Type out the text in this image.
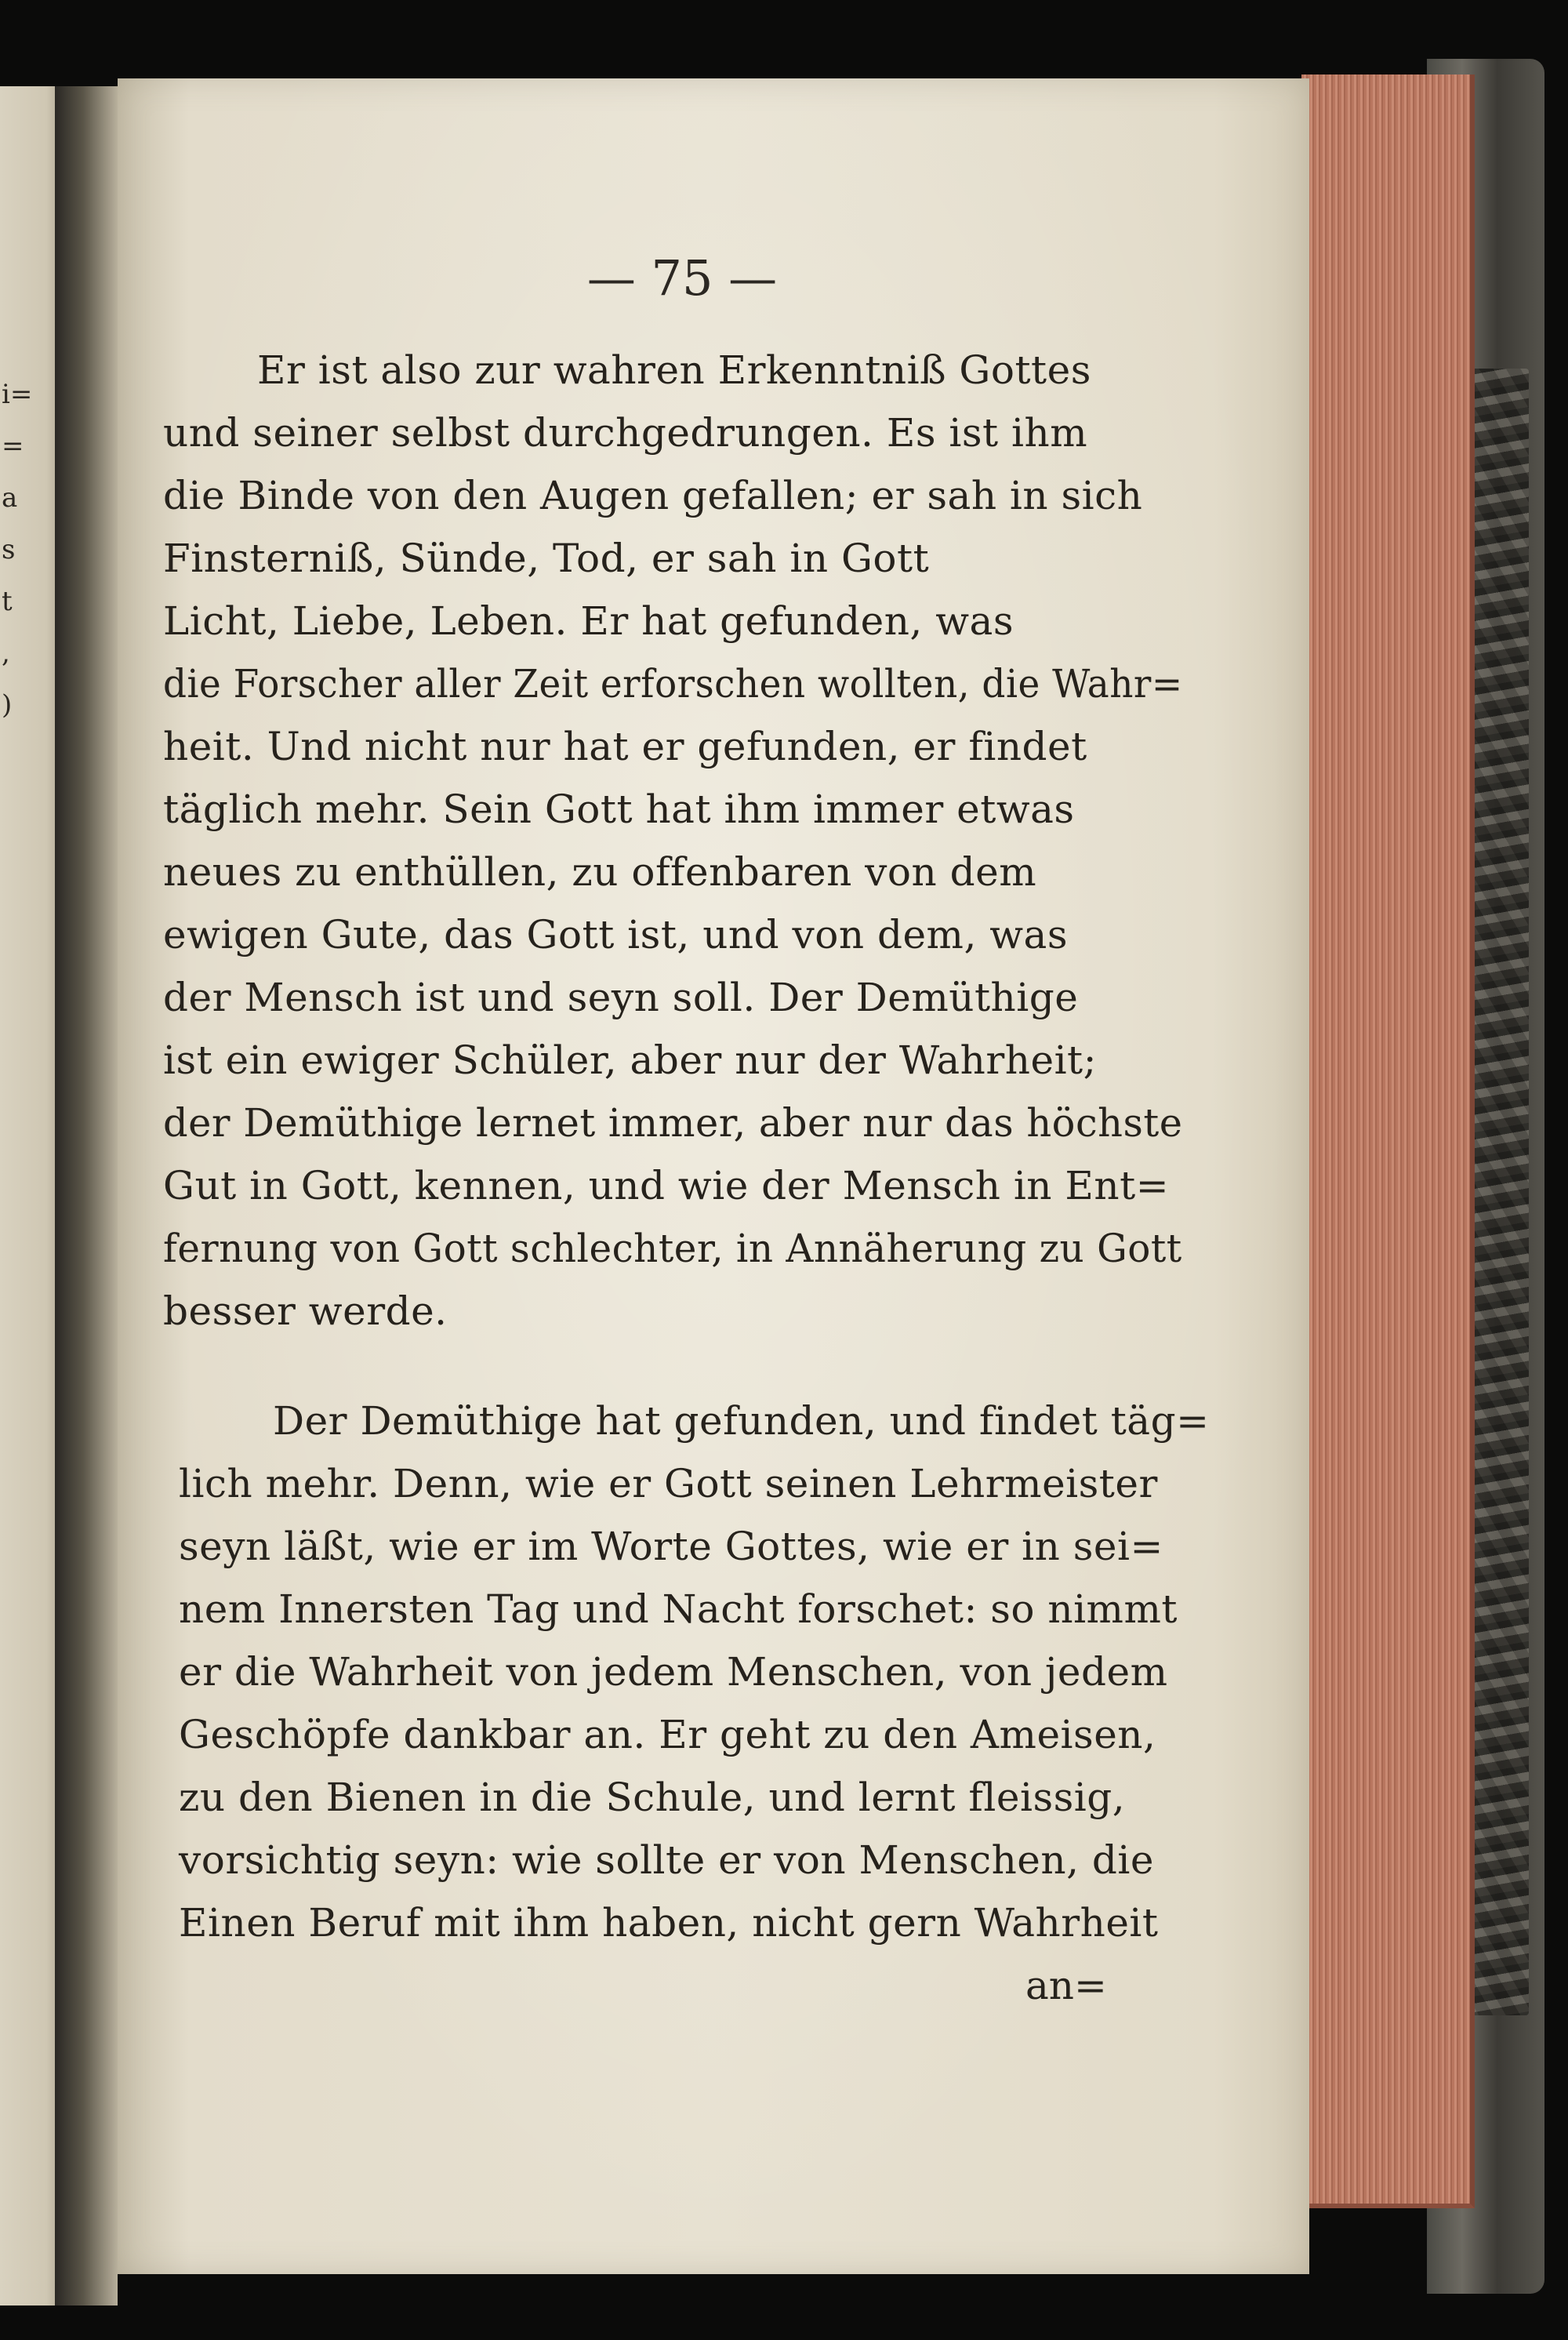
i=
=
a
s
t
,
)
— 75 —
Er ist also zur wahren Erkenntniß Gottes
und seiner selbst durchgedrungen. Es ist ihm
die Binde von den Augen gefallen; er sah in sich
Finsterniß, Sünde, Tod, er sah in Gott
Licht, Liebe, Leben. Er hat gefunden, was
die Forscher aller Zeit erforschen wollten, die Wahr=
heit. Und nicht nur hat er gefunden, er findet
täglich mehr. Sein Gott hat ihm immer etwas
neues zu enthüllen, zu offenbaren von dem
ewigen Gute, das Gott ist, und von dem, was
der Mensch ist und seyn soll. Der Demüthige
ist ein ewiger Schüler, aber nur der Wahrheit;
der Demüthige lernet immer, aber nur das höchste
Gut in Gott, kennen, und wie der Mensch in Ent=
fernung von Gott schlechter, in Annäherung zu Gott
besser werde.
Der Demüthige hat gefunden, und findet täg=
lich mehr. Denn, wie er Gott seinen Lehrmeister
seyn läßt, wie er im Worte Gottes, wie er in sei=
nem Innersten Tag und Nacht forschet: so nimmt
er die Wahrheit von jedem Menschen, von jedem
Geschöpfe dankbar an. Er geht zu den Ameisen,
zu den Bienen in die Schule, und lernt fleissig,
vorsichtig seyn: wie sollte er von Menschen, die
Einen Beruf mit ihm haben, nicht gern Wahrheit
an=
